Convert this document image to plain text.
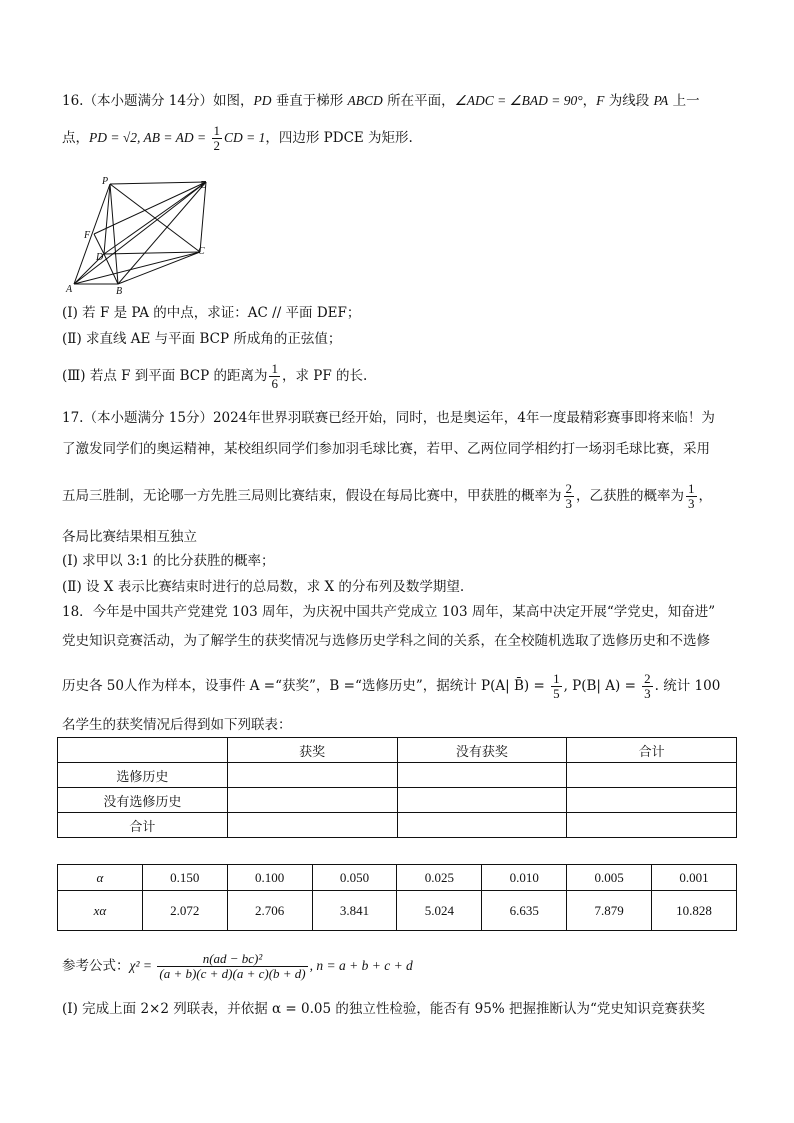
16.（本小题满分 14分）如图，PD 垂直于梯形 ABCD 所在平面，∠ADC = ∠BAD = 90°，F 为线段 PA 上一
点，PD = √2, AB = AD = $\frac{1}{2}$ CD = 1，四边形 PDCE 为矩形.
P	E
F
D
C
A	B
(I) 若 F 是 PA 的中点，求证：AC // 平面 DEF；
(Ⅱ) 求直线 AE 与平面 BCP 所成角的正弦值；
(Ⅲ) 若点 F 到平面 BCP 的距离为 $\frac{1}{6}$ ，求 PF 的长.
17.（本小题满分 15分）2024年世界羽联赛已经开始，同时，也是奥运年，4年一度最精彩赛事即将来临！为
了激发同学们的奥运精神，某校组织同学们参加羽毛球比赛，若甲、乙两位同学相约打一场羽毛球比赛，采用
五局三胜制，无论哪一方先胜三局则比赛结束，假设在每局比赛中，甲获胜的概率为 $\frac{2}{3}$ ，乙获胜的概率为 $\frac{1}{3}$ ，
各局比赛结果相互独立
(I) 求甲以 3:1 的比分获胜的概率；
(Ⅱ) 设 X 表示比赛结束时进行的总局数，求 X 的分布列及数学期望.
18．今年是中国共产党建党 103 周年，为庆祝中国共产党成立 103 周年，某高中决定开展“学党史，知奋进”
党史知识竞赛活动，为了解学生的获奖情况与选修历史学科之间的关系，在全校随机选取了选修历史和不选修
历史各 50人作为样本，设事件 A =“获奖”，B =“选修历史”，据统计 P(A| B̄) = $\frac{1}{5}$ , P(B| $A) = \frac{2}{3}$ . 统计 100
名学生的获奖情况后得到如下列联表：
	获奖	没有获奖	合计
选修历史			
没有选修历史			
合计			
α	0.150	0.100	0.050	0.025	0.010	0.005	0.001
xα	2.072	2.706	3.841	5.024	6.635	7.879	10.828
参考公式：$\chi^2 = \frac{\text{n(ad − bc)²}}{(a + b)(c + d)(a + c)(b + d)}$ , n = a + b + c + d
(I) 完成上面 2×2 列联表，并依据 α = 0.05 的独立性检验，能否有 95% 把握推断认为“党史知识竞赛获奖
